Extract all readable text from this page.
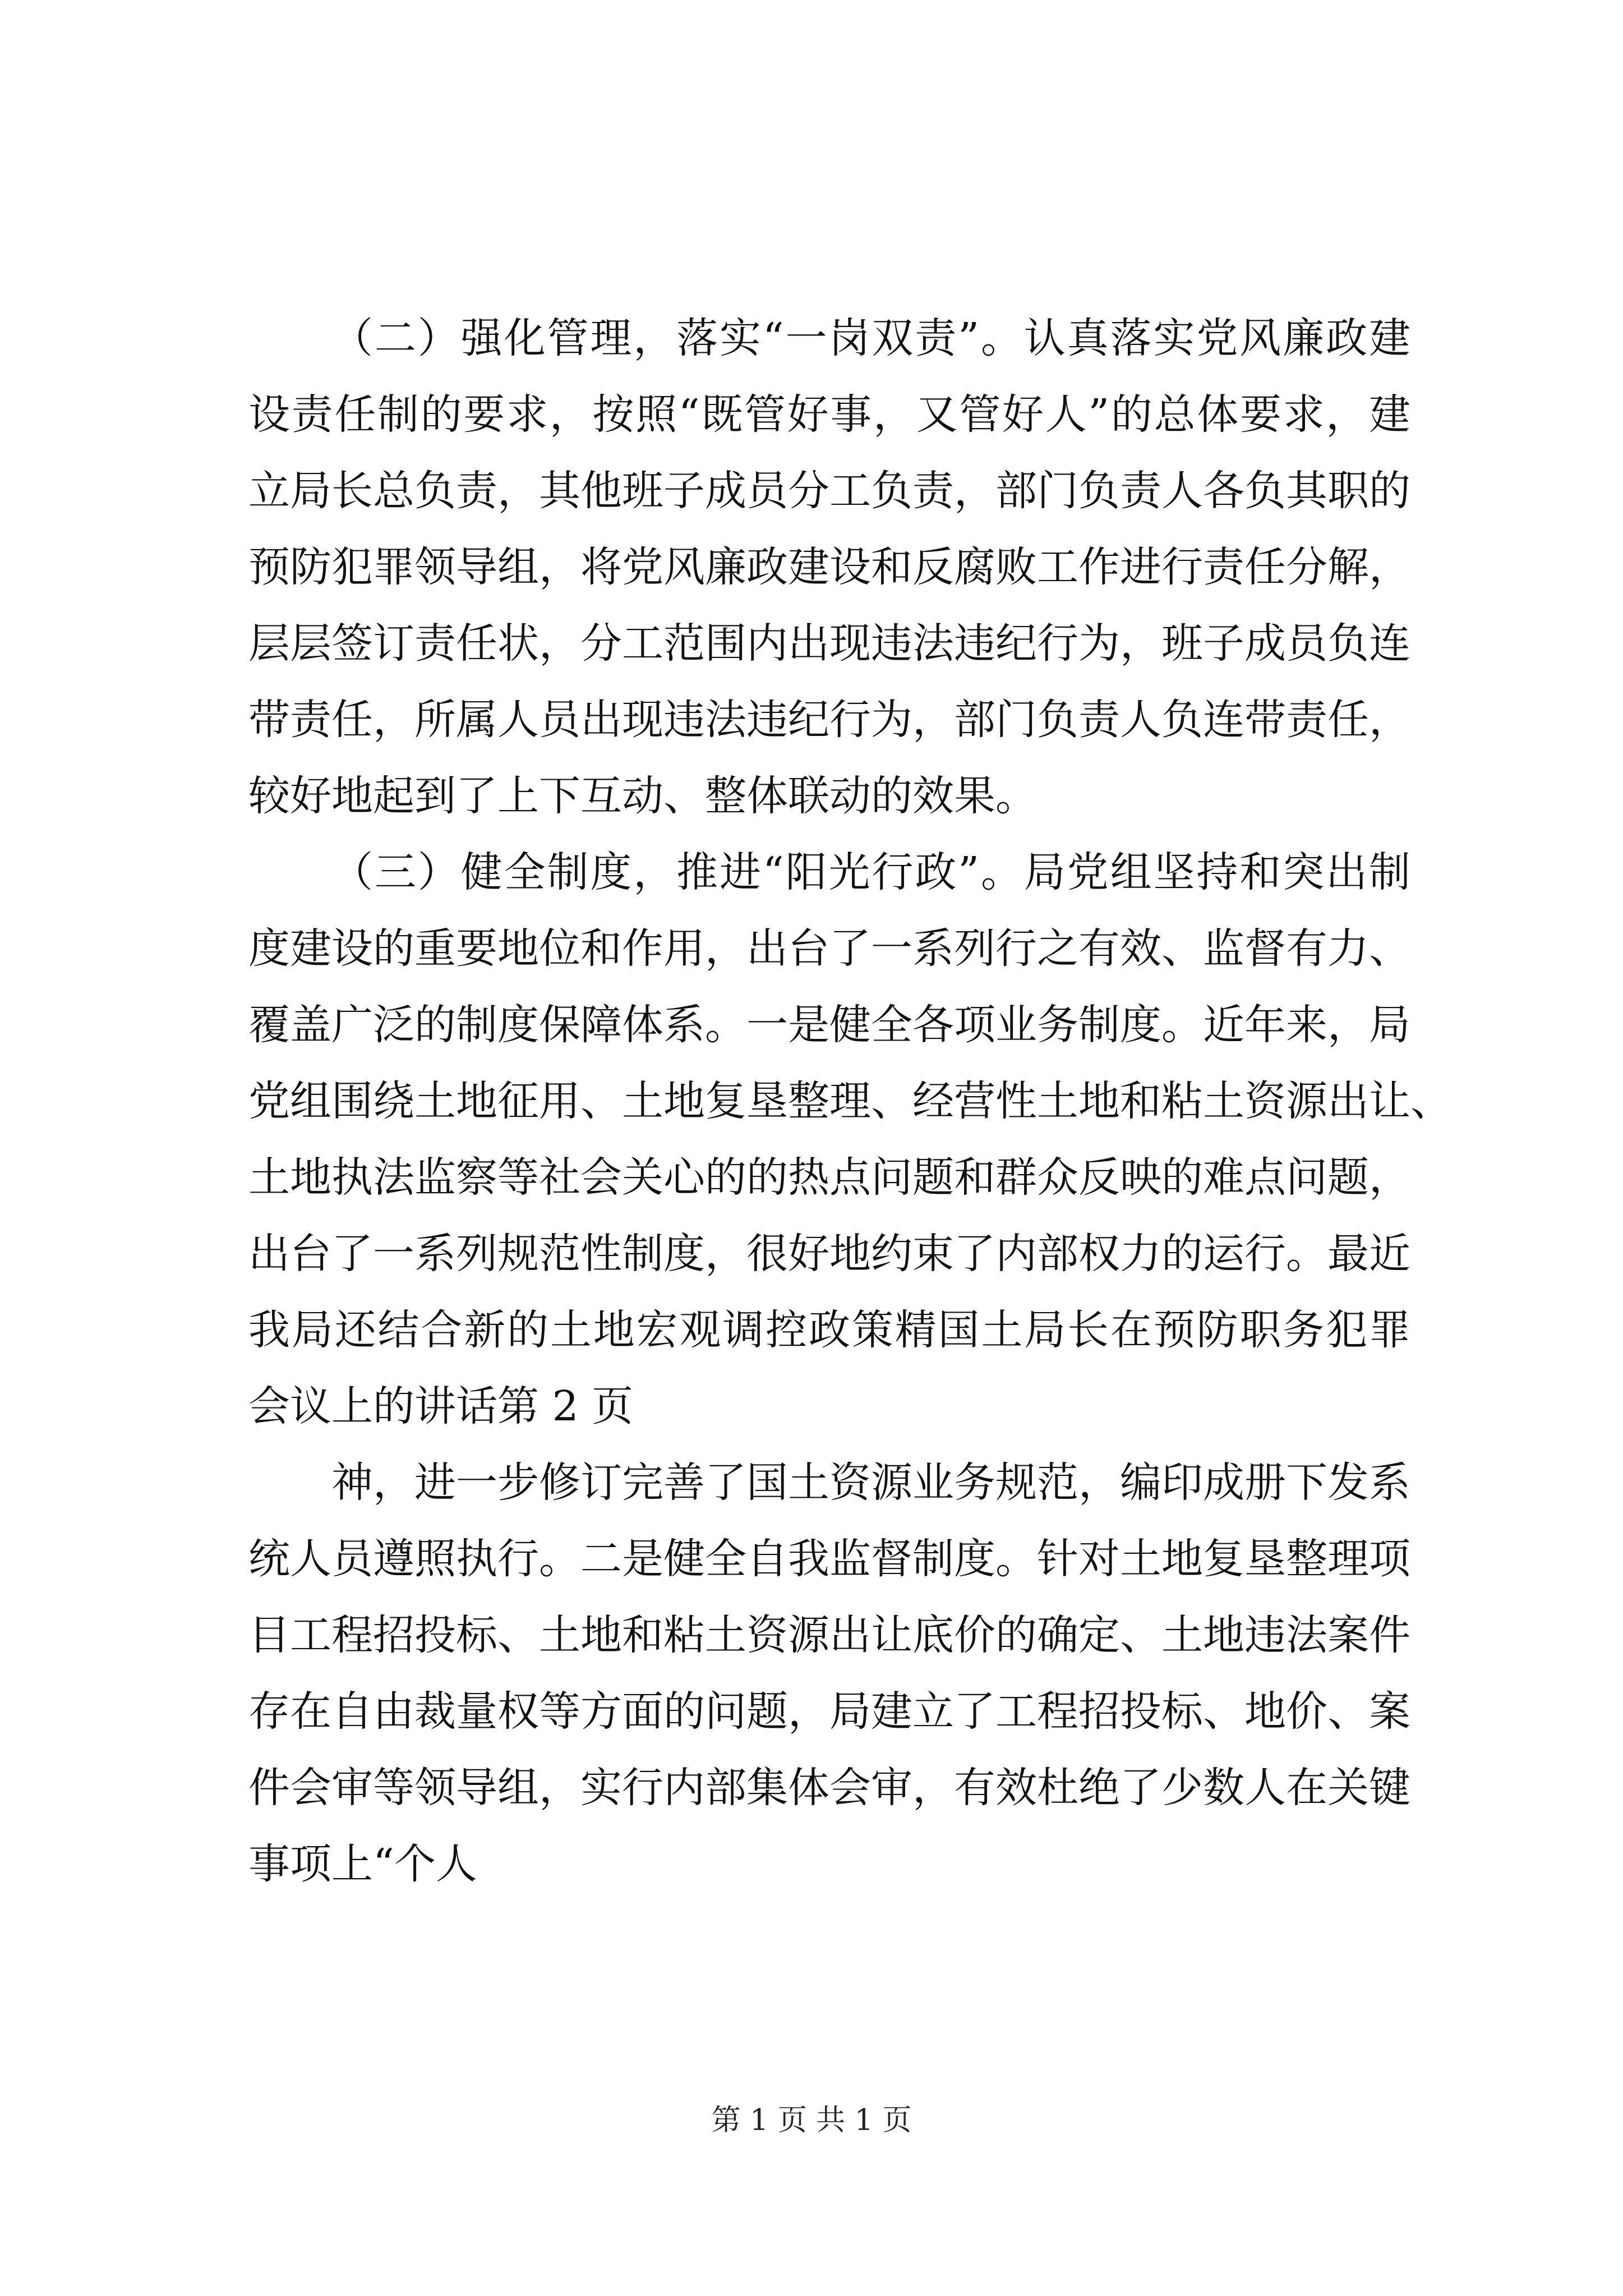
（二）强化管理，落实“一岗双责”。认真落实党风廉政建
设责任制的要求，按照“既管好事，又管好人”的总体要求，建
立局长总负责，其他班子成员分工负责，部门负责人各负其职的
预防犯罪领导组，将党风廉政建设和反腐败工作进行责任分解，
层层签订责任状，分工范围内出现违法违纪行为，班子成员负连
带责任，所属人员出现违法违纪行为，部门负责人负连带责任，
较好地起到了上下互动、整体联动的效果。
（三）健全制度，推进“阳光行政”。局党组坚持和突出制
度建设的重要地位和作用，出台了一系列行之有效、监督有力、
覆盖广泛的制度保障体系。一是健全各项业务制度。近年来，局
党组围绕土地征用、土地复垦整理、经营性土地和粘土资源出让、
土地执法监察等社会关心的的热点问题和群众反映的难点问题，
出台了一系列规范性制度，很好地约束了内部权力的运行。最近
我局还结合新的土地宏观调控政策精国土局长在预防职务犯罪
会议上的讲话第 2 页
神，进一步修订完善了国土资源业务规范，编印成册下发系
统人员遵照执行。二是健全自我监督制度。针对土地复垦整理项
目工程招投标、土地和粘土资源出让底价的确定、土地违法案件
存在自由裁量权等方面的问题，局建立了工程招投标、地价、案
件会审等领导组，实行内部集体会审，有效杜绝了少数人在关键
事项上“个人
第 1 页 共 1 页
